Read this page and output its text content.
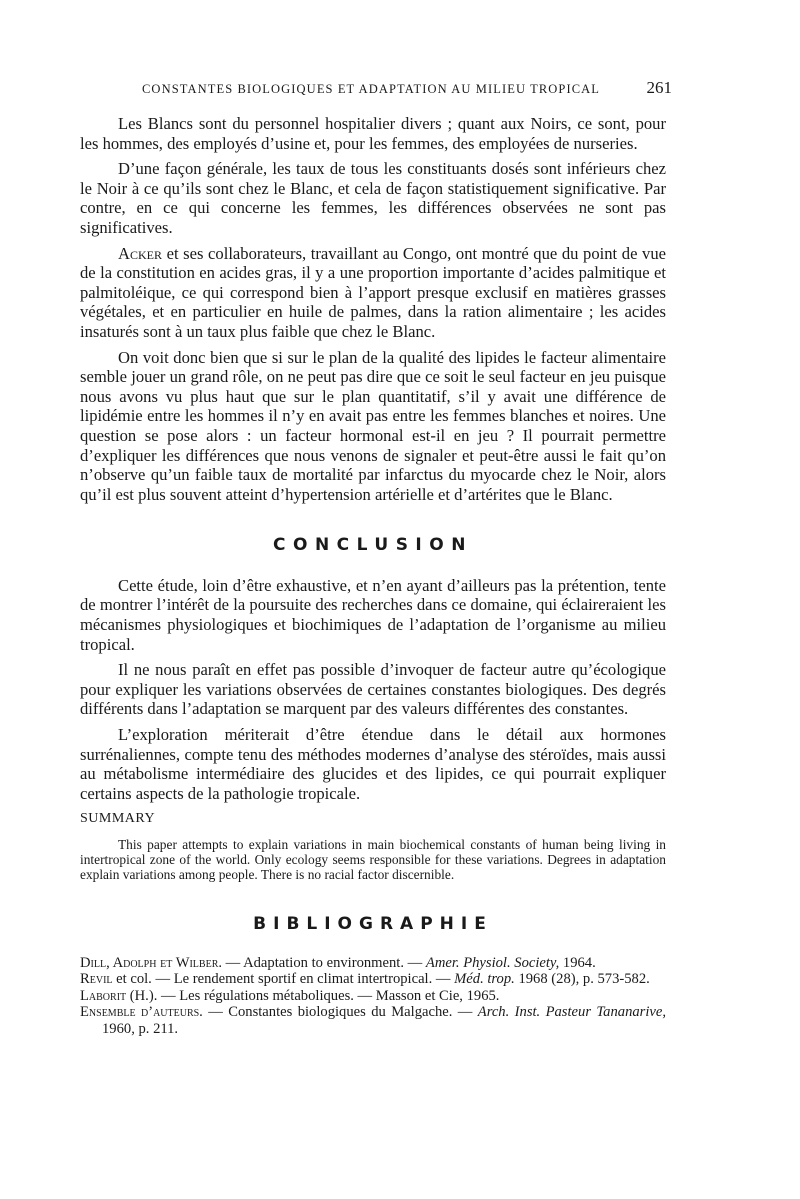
CONSTANTES BIOLOGIQUES ET ADAPTATION AU MILIEU TROPICAL	261

Les Blancs sont du personnel hospitalier divers ; quant aux Noirs, ce sont, pour les hommes, des employés d’usine et, pour les femmes, des employées de nurseries.

D’une façon générale, les taux de tous les constituants dosés sont inférieurs chez le Noir à ce qu’ils sont chez le Blanc, et cela de façon statistiquement significative. Par contre, en ce qui concerne les femmes, les différences observées ne sont pas significatives.

Acker et ses collaborateurs, travaillant au Congo, ont montré que du point de vue de la constitution en acides gras, il y a une proportion importante d’acides palmitique et palmitoléique, ce qui correspond bien à l’apport presque exclusif en matières grasses végétales, et en particulier en huile de palmes, dans la ration alimentaire ; les acides insaturés sont à un taux plus faible que chez le Blanc.

On voit donc bien que si sur le plan de la qualité des lipides le facteur alimentaire semble jouer un grand rôle, on ne peut pas dire que ce soit le seul facteur en jeu puisque nous avons vu plus haut que sur le plan quantitatif, s’il y avait une différence de lipidémie entre les hommes il n’y en avait pas entre les femmes blanches et noires. Une question se pose alors : un facteur hormonal est-il en jeu ? Il pourrait permettre d’expliquer les différences que nous venons de signaler et peut-être aussi le fait qu’on n’observe qu’un faible taux de mortalité par infarctus du myocarde chez le Noir, alors qu’il est plus souvent atteint d’hypertension artérielle et d’artérites que le Blanc.

CONCLUSION

Cette étude, loin d’être exhaustive, et n’en ayant d’ailleurs pas la prétention, tente de montrer l’intérêt de la poursuite des recherches dans ce domaine, qui éclaireraient les mécanismes physiologiques et biochimiques de l’adaptation de l’organisme au milieu tropical.

Il ne nous paraît en effet pas possible d’invoquer de facteur autre qu’écologique pour expliquer les variations observées de certaines constantes biologiques. Des degrés différents dans l’adaptation se marquent par des valeurs différentes des constantes.

L’exploration mériterait d’être étendue dans le détail aux hormones surrénaliennes, compte tenu des méthodes modernes d’analyse des stéroïdes, mais aussi au métabolisme intermédiaire des glucides et des lipides, ce qui pourrait expliquer certains aspects de la pathologie tropicale.

SUMMARY

This paper attempts to explain variations in main biochemical constants of human being living in intertropical zone of the world. Only ecology seems responsible for these variations. Degrees in adaptation explain variations among people. There is no racial factor discernible.

BIBLIOGRAPHIE

Dill, Adolph et Wilber. — Adaptation to environment. — Amer. Physiol. Society, 1964.

Revil et col. — Le rendement sportif en climat intertropical. — Méd. trop. 1968 (28), p. 573-582.

Laborit (H.). — Les régulations métaboliques. — Masson et Cie, 1965.

Ensemble d’auteurs. — Constantes biologiques du Malgache. — Arch. Inst. Pasteur Tananarive, 1960, p. 211.
